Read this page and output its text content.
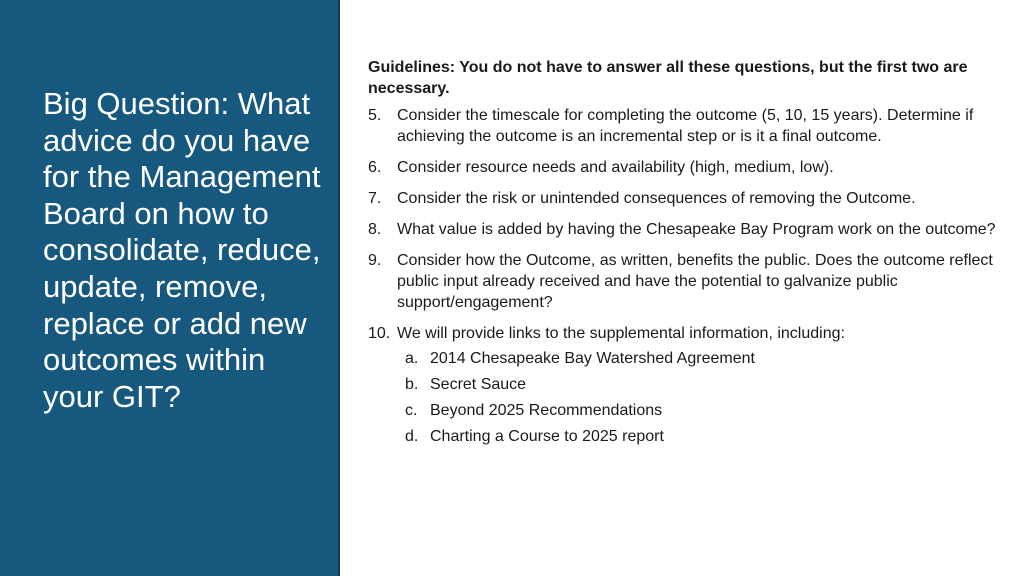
Big Question: What advice do you have for the Management Board on how to consolidate, reduce, update, remove, replace or add new outcomes within your GIT?

Guidelines: You do not have to answer all these questions, but the first two are necessary.

5. Consider the timescale for completing the outcome (5, 10, 15 years). Determine if achieving the outcome is an incremental step or is it a final outcome.
6. Consider resource needs and availability (high, medium, low).
7. Consider the risk or unintended consequences of removing the Outcome.
8. What value is added by having the Chesapeake Bay Program work on the outcome?
9. Consider how the Outcome, as written, benefits the public. Does the outcome reflect public input already received and have the potential to galvanize public support/engagement?
10. We will provide links to the supplemental information, including:
a. 2014 Chesapeake Bay Watershed Agreement
b. Secret Sauce
c. Beyond 2025 Recommendations
d. Charting a Course to 2025 report
